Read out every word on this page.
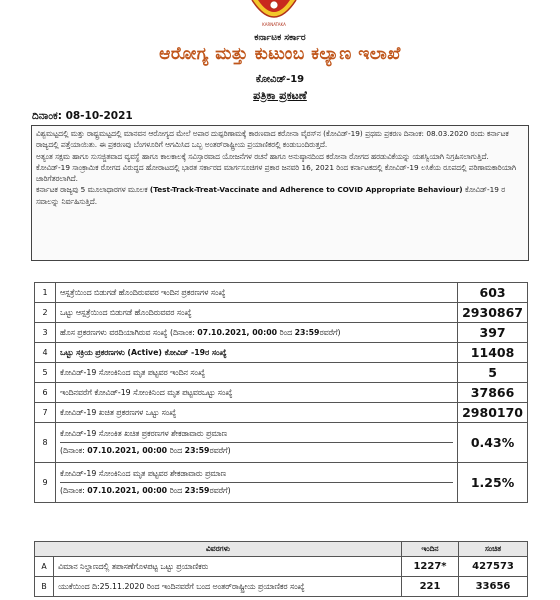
KARNATAKA
ಕರ್ನಾಟಕ ಸರ್ಕಾರ
ಆರೋಗ್ಯ ಮತ್ತು ಕುಟುಂಬ ಕಲ್ಯಾಣ ಇಲಾಖೆ
ಕೋವಿಡ್-19
ಪತ್ರಿಕಾ ಪ್ರಕಟಣೆ
ದಿನಾಂಕ: 08-10-2021

ವಿಶ್ವಮಟ್ಟದಲ್ಲಿ ಮತ್ತು ರಾಷ್ಟ್ರಮಟ್ಟದಲ್ಲಿ ಮಾನವನ ಆರೋಗ್ಯದ ಮೇಲೆ ಅಪಾರ ದುಷ್ಪರಿಣಾಮಕ್ಕೆ ಕಾರಣವಾದ ಕರೋನಾ ವೈರಸ್‌ನ (ಕೋವಿಡ್-19) ಪ್ರಥಮ ಪ್ರಕರಣ ದಿನಾಂಕ: 08.03.2020 ರಂದು ಕರ್ನಾಟಕ ರಾಜ್ಯದಲ್ಲಿ ಪತ್ತೆಯಾಯಿತು. ಈ ಪ್ರಕರಣವು ಬೆಂಗಳೂರಿಗೆ ಆಗಮಿಸಿದ ಒಬ್ಬ ಅಂತರ್‌ರಾಷ್ಟ್ರೀಯ ಪ್ರಯಾಣಿಕರಲ್ಲಿ ಕಂಡುಬಂದಿರುತ್ತದೆ.

ಅತ್ಯಂತ ಸಕ್ಷಮ ಹಾಗೂ ಸುಸಜ್ಜಿತವಾದ ವ್ಯವಸ್ಥೆ ಹಾಗೂ ಕಾಲಕಾಲಕ್ಕೆ ಸವಿಸ್ತಾರವಾದ ಯೋಜನೆಗಳ ರಚನೆ ಹಾಗೂ ಅನುಷ್ಠಾನದಿಂದ ಕರೋನಾ ರೋಗದ ಹರಡುವಿಕೆಯನ್ನು ಯಶಸ್ವಿಯಾಗಿ ನಿಗ್ರಹಿಸಲಾಗುತ್ತಿದೆ.

ಕೋವಿಡ್-19 ಸಾಂಕ್ರಾಮಿಕ ರೋಗದ ವಿರುದ್ಧದ ಹೋರಾಟದಲ್ಲಿ ಭಾರತ ಸರ್ಕಾರದ ಮಾರ್ಗಸೂಚಿಗಳ ಪ್ರಕಾರ ಜನವರಿ 16, 2021 ರಿಂದ ಕರ್ನಾಟಕದಲ್ಲಿ ಕೋವಿಡ್-19 ಲಸಿಕೆಯ ರೂಪದಲ್ಲಿ ಪರಿಣಾಮಕಾರಿಯಾಗಿ ಜಾರಿಗೆತರಲಾಗಿದೆ.

ಕರ್ನಾಟಕ ರಾಜ್ಯವು 5 ಮೂಲಾಧಾರಗಳ ಮೂಲಕ (Test-Track-Treat-Vaccinate and Adherence to COVID Appropriate Behaviour) ಕೋವಿಡ್-19 ರ ಸವಾಲನ್ನು ನಿರ್ವಹಿಸುತ್ತಿದೆ.

1	ಆಸ್ಪತ್ರೆಯಿಂದ ಬಿಡುಗಡೆ ಹೊಂದಿರುವವರ ಇಂದಿನ ಪ್ರಕರಣಗಳ ಸಂಖ್ಯೆ	603
2	ಒಟ್ಟು ಆಸ್ಪತ್ರೆಯಿಂದ ಬಿಡುಗಡೆ ಹೊಂದಿರುವವರ ಸಂಖ್ಯೆ	2930867
3	ಹೊಸ ಪ್ರಕರಣಗಳು ವರದಿಯಾಗಿರುವ ಸಂಖ್ಯೆ (ದಿನಾಂಕ: 07.10.2021, 00:00 ರಿಂದ 23:59ರವರೆಗೆ)	397
4	ಒಟ್ಟು ಸಕ್ರಿಯ ಪ್ರಕರಣಗಳು (Active) ಕೋವಿಡ್ -19ರ ಸಂಖ್ಯೆ	11408
5	ಕೋವಿಡ್-19 ಸೋಂಕಿನಿಂದ ಮೃತ ಪಟ್ಟವರ ಇಂದಿನ ಸಂಖ್ಯೆ	5
6	ಇಂದಿನವರೆಗೆ ಕೋವಿಡ್-19 ಸೋಂಕಿನಿಂದ ಮೃತ ಪಟ್ಟವರಒಟ್ಟು ಸಂಖ್ಯೆ	37866
7	ಕೋವಿಡ್-19 ಖಚಿತ ಪ್ರಕರಣಗಳ ಒಟ್ಟು ಸಂಖ್ಯೆ	2980170
8	ಕೋವಿಡ್-19 ಸೋಂಕಿತ ಖಚಿತ ಪ್ರಕರಣಗಳ ಶೇಕಡಾವಾರು ಪ್ರಮಾಣ
(ದಿನಾಂಕ: 07.10.2021, 00:00 ರಿಂದ 23:59ರವರೆಗೆ)	0.43%
9	ಕೋವಿಡ್-19 ಸೋಂಕಿನಿಂದ ಮೃತ ಪಟ್ಟವರ ಶೇಕಡಾವಾರು ಪ್ರಮಾಣ
(ದಿನಾಂಕ: 07.10.2021, 00:00 ರಿಂದ 23:59ರವರೆಗೆ)	1.25%
ವಿವರಗಳು		ಇಂದಿನ	ಸಂಚಿತ
A	ವಿಮಾನ ನಿಲ್ದಾಣದಲ್ಲಿ ತಪಾಸಣೆಗೊಳಪಟ್ಟ ಒಟ್ಟು ಪ್ರಯಾಣಿಕರು	1227*	427573
B	ಯುಕೆಯಿಂದ ದಿ:25.11.2020 ರಿಂದ ಇಂದಿನವರೆಗೆ ಬಂದ ಅಂತರ್‌ರಾಷ್ಟ್ರೀಯ ಪ್ರಯಾಣಿಕರ ಸಂಖ್ಯೆ	221	33656
